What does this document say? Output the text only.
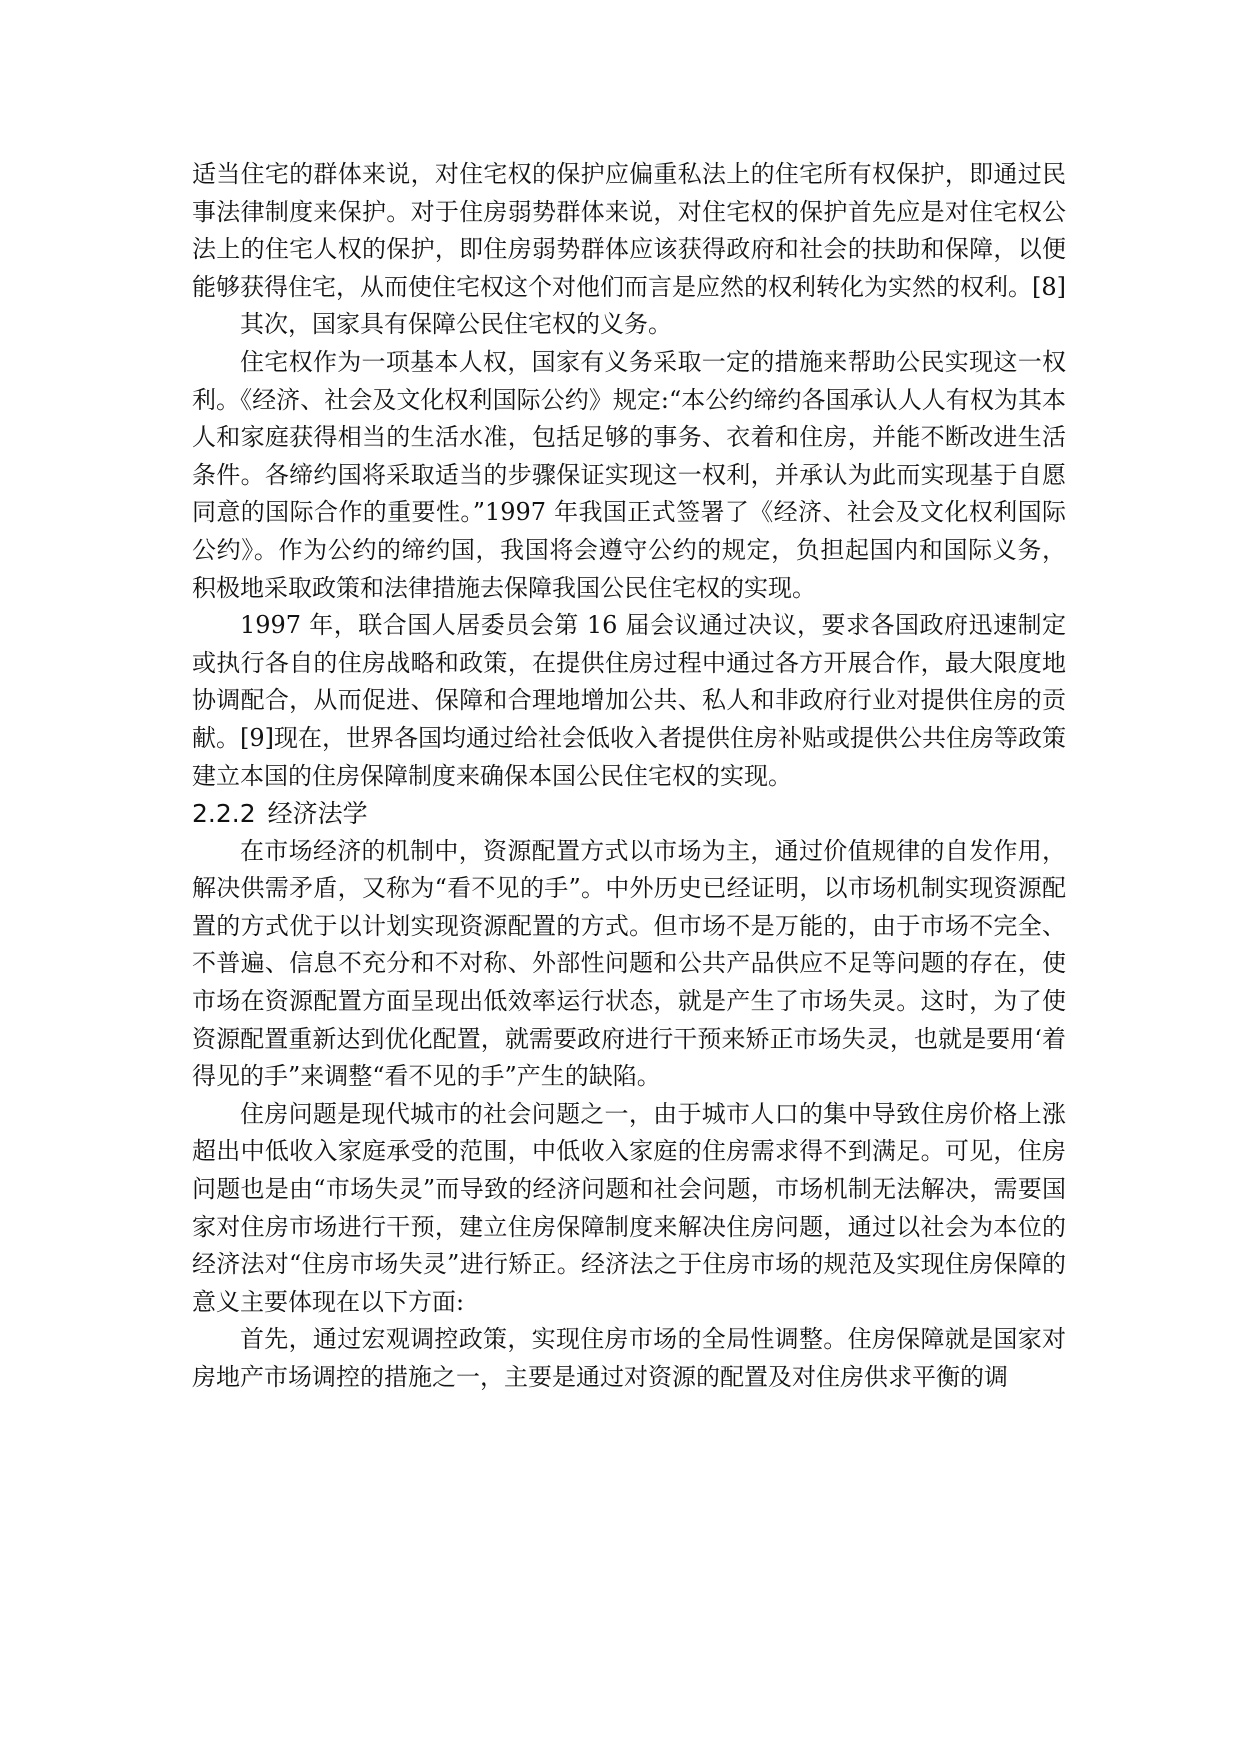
适当住宅的群体来说，对住宅权的保护应偏重私法上的住宅所有权保护，即通过民事法律制度来保护。对于住房弱势群体来说，对住宅权的保护首先应是对住宅权公法上的住宅人权的保护，即住房弱势群体应该获得政府和社会的扶助和保障，以便能够获得住宅，从而使住宅权这个对他们而言是应然的权利转化为实然的权利。[8]

其次，国家具有保障公民住宅权的义务。

住宅权作为一项基本人权，国家有义务采取一定的措施来帮助公民实现这一权利。《经济、社会及文化权利国际公约》规定:“本公约缔约各国承认人人有权为其本人和家庭获得相当的生活水准，包括足够的事务、衣着和住房，并能不断改进生活条件。各缔约国将采取适当的步骤保证实现这一权利，并承认为此而实现基于自愿同意的国际合作的重要性。”1997 年我国正式签署了《经济、社会及文化权利国际公约》。作为公约的缔约国，我国将会遵守公约的规定，负担起国内和国际义务，积极地采取政策和法律措施去保障我国公民住宅权的实现。

1997 年，联合国人居委员会第 16 届会议通过决议，要求各国政府迅速制定或执行各自的住房战略和政策，在提供住房过程中通过各方开展合作，最大限度地协调配合，从而促进、保障和合理地增加公共、私人和非政府行业对提供住房的贡献。[9]现在，世界各国均通过给社会低收入者提供住房补贴或提供公共住房等政策建立本国的住房保障制度来确保本国公民住宅权的实现。

2.2.2 经济法学

在市场经济的机制中，资源配置方式以市场为主，通过价值规律的自发作用，解决供需矛盾，又称为“看不见的手”。中外历史已经证明，以市场机制实现资源配置的方式优于以计划实现资源配置的方式。但市场不是万能的，由于市场不完全、不普遍、信息不充分和不对称、外部性问题和公共产品供应不足等问题的存在，使市场在资源配置方面呈现出低效率运行状态，就是产生了市场失灵。这时，为了使资源配置重新达到优化配置，就需要政府进行干预来矫正市场失灵，也就是要用‘着得见的手”来调整“看不见的手”产生的缺陷。

住房问题是现代城市的社会问题之一，由于城市人口的集中导致住房价格上涨超出中低收入家庭承受的范围，中低收入家庭的住房需求得不到满足。可见，住房问题也是由“市场失灵”而导致的经济问题和社会问题，市场机制无法解决，需要国家对住房市场进行干预，建立住房保障制度来解决住房问题，通过以社会为本位的经济法对“住房市场失灵”进行矫正。经济法之于住房市场的规范及实现住房保障的意义主要体现在以下方面:

首先，通过宏观调控政策，实现住房市场的全局性调整。住房保障就是国家对房地产市场调控的措施之一，主要是通过对资源的配置及对住房供求平衡的调
